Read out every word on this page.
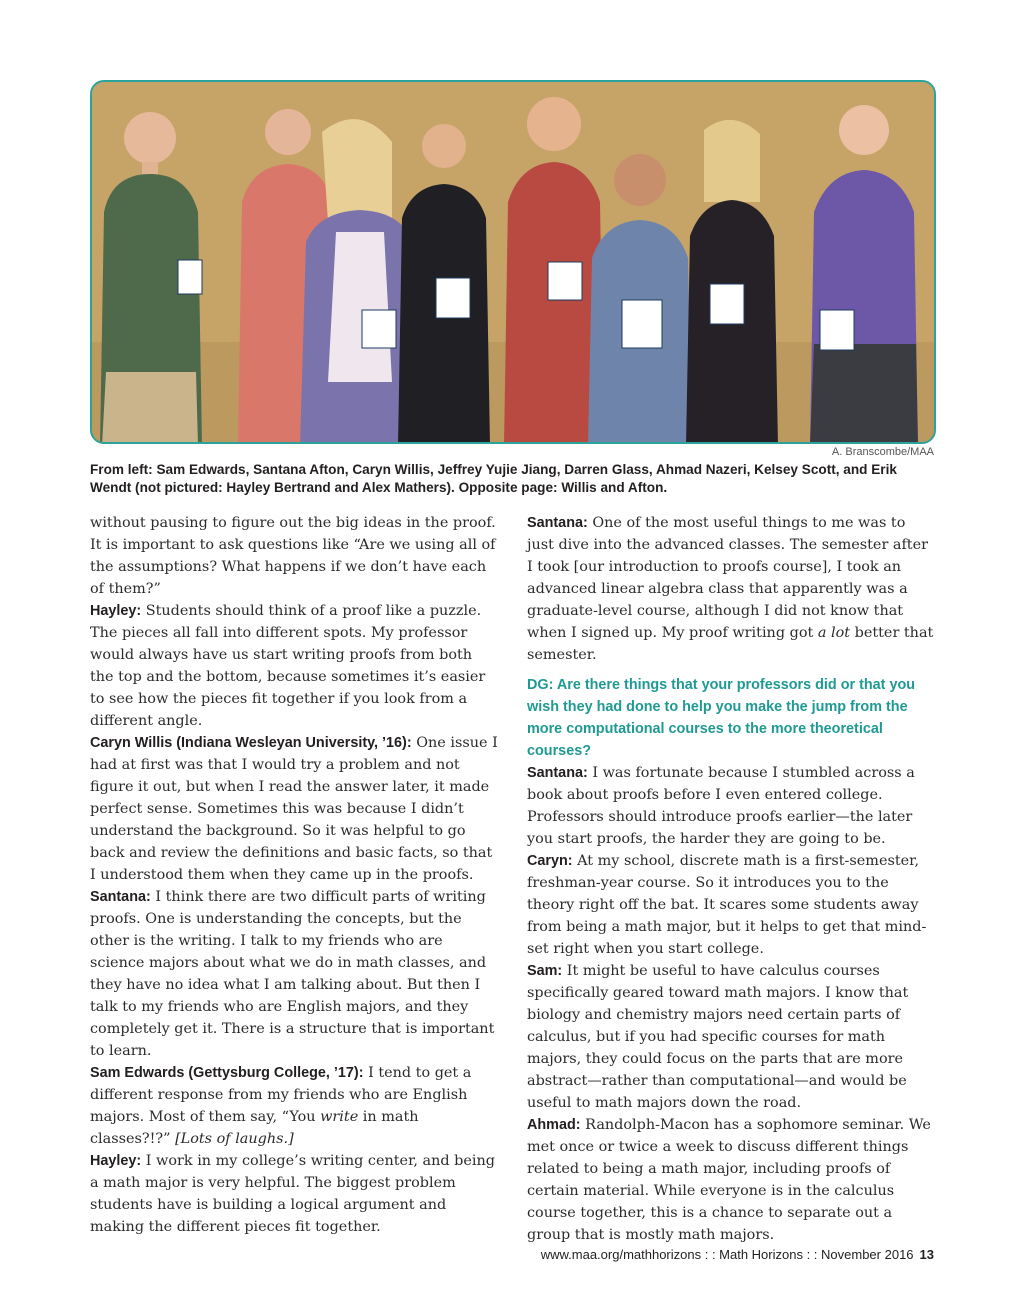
A. Branscombe/MAA
From left: Sam Edwards, Santana Afton, Caryn Willis, Jeffrey Yujie Jiang, Darren Glass, Ahmad Nazeri, Kelsey Scott, and Erik Wendt (not pictured: Hayley Bertrand and Alex Mathers). Opposite page: Willis and Afton.

without pausing to figure out the big ideas in the proof. It is important to ask questions like “Are we using all of the assumptions? What happens if we don’t have each of them?”

Hayley: Students should think of a proof like a puzzle. The pieces all fall into different spots. My professor would always have us start writing proofs from both the top and the bottom, because sometimes it’s easier to see how the pieces fit together if you look from a different angle.

Caryn Willis (Indiana Wesleyan University, ’16): One issue I had at first was that I would try a problem and not figure it out, but when I read the answer later, it made perfect sense. Sometimes this was because I didn’t understand the background. So it was helpful to go back and review the definitions and basic facts, so that I understood them when they came up in the proofs.

Santana: I think there are two difficult parts of writing proofs. One is understanding the concepts, but the other is the writing. I talk to my friends who are science majors about what we do in math classes, and they have no idea what I am talking about. But then I talk to my friends who are English majors, and they completely get it. There is a structure that is important to learn.

Sam Edwards (Gettysburg College, ’17): I tend to get a different response from my friends who are English majors. Most of them say, “You write in math classes?!?” [Lots of laughs.]

Hayley: I work in my college’s writing center, and being a math major is very helpful. The biggest problem students have is building a logical argument and making the different pieces fit together.

Santana: One of the most useful things to me was to just dive into the advanced classes. The semester after I took [our introduction to proofs course], I took an advanced linear algebra class that apparently was a graduate-level course, although I did not know that when I signed up. My proof writing got a lot better that semester.

DG: Are there things that your professors did or that you wish they had done to help you make the jump from the more computational courses to the more theoretical courses?

Santana: I was fortunate because I stumbled across a book about proofs before I even entered college. Professors should introduce proofs earlier—the later you start proofs, the harder they are going to be.

Caryn: At my school, discrete math is a first-semester, freshman-year course. So it introduces you to the theory right off the bat. It scares some students away from being a math major, but it helps to get that mind-set right when you start college.

Sam: It might be useful to have calculus courses specifically geared toward math majors. I know that biology and chemistry majors need certain parts of calculus, but if you had specific courses for math majors, they could focus on the parts that are more abstract—rather than computational—and would be useful to math majors down the road.

Ahmad: Randolph-Macon has a sophomore seminar. We met once or twice a week to discuss different things related to being a math major, including proofs of certain material. While everyone is in the calculus course together, this is a chance to separate out a group that is mostly math majors.

www.maa.org/mathhorizons : : Math Horizons : : November 2016 13
